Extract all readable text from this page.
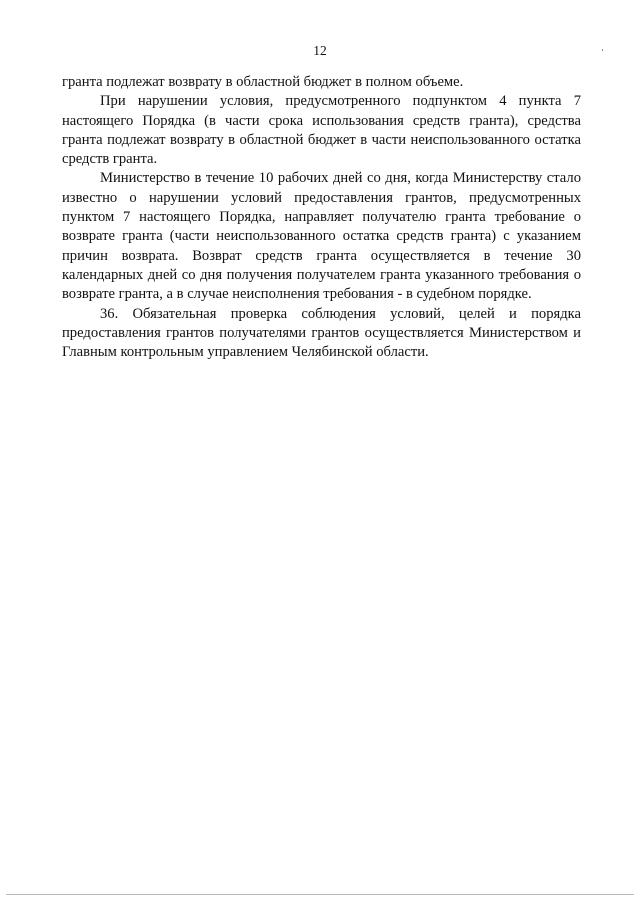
12

гранта подлежат возврату в областной бюджет в полном объеме.

При нарушении условия, предусмотренного подпунктом 4 пункта 7 настоящего Порядка (в части срока использования средств гранта), средства гранта подлежат возврату в областной бюджет в части неиспользованного остатка средств гранта.

Министерство в течение 10 рабочих дней со дня, когда Министерству стало известно о нарушении условий предоставления грантов, предусмотренных пунктом 7 настоящего Порядка, направляет получателю гранта требование о возврате гранта (части неиспользованного остатка средств гранта) с указанием причин возврата. Возврат средств гранта осуществляется в течение 30 календарных дней со дня получения получателем гранта указанного требования о возврате гранта, а в случае неисполнения требования - в судебном порядке.

36. Обязательная проверка соблюдения условий, целей и порядка предоставления грантов получателями грантов осуществляется Министерством и Главным контрольным управлением Челябинской области.
